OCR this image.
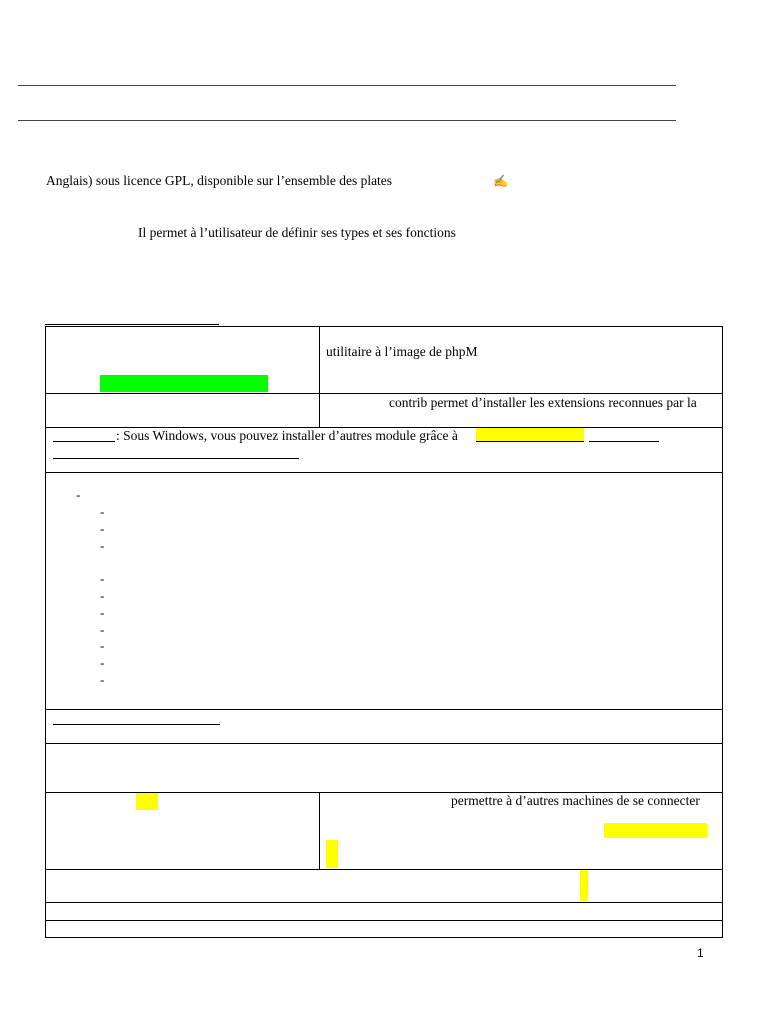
Anglais) sous licence GPL, disponible sur l’ensemble des plates	✍
Il permet à l’utilisateur de définir ses types et ses fonctions
utilitaire à l’image de phpM
contrib permet d’installer les extensions reconnues par la
: Sous Windows, vous pouvez installer d’autres module grâce à
-
-
-
-
-
-
-
-
-
-
-
permettre à d’autres machines de se connecter
1
